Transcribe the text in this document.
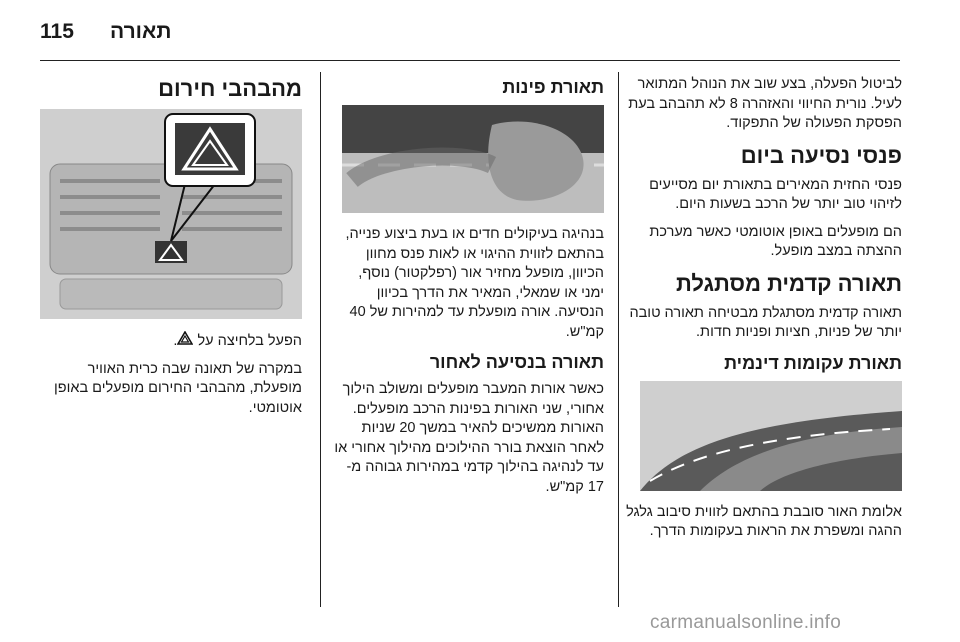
115 תאורה

לביטול הפעלה, בצע שוב את הנוהל המתואר לעיל. נורית החיווי והאזהרה 8 לא תהבהב בעת הפסקת הפעולה של התפקוד.

פנסי נסיעה ביום

פנסי החזית המאירים בתאורת יום מסייעים לזיהוי טוב יותר של הרכב בשעות היום.

הם מופעלים באופן אוטומטי כאשר מערכת ההצתה במצב מופעל.

תאורה קדמית מסתגלת

תאורה קדמית מסתגלת מבטיחה תאורה טובה יותר של פניות, חציות ופניות חדות.

תאורת עקומות דינמית

אלומת האור סובבת בהתאם לזווית סיבוב גלגל ההגה ומשפרת את הראות בעקומות הדרך.

תאורת פינות

בנהיגה בעיקולים חדים או בעת ביצוע פנייה, בהתאם לזווית ההיגוי או לאות פנס מחוון הכיוון, מופעל מחזיר אור (רפלקטור) נוסף, ימני או שמאלי, המאיר את הדרך בכיוון הנסיעה. אורה מופעלת עד למהירות של 40 קמ"ש.

תאורה בנסיעה לאחור

כאשר אורות המעבר מופעלים ומשולב הילוך אחורי, שני האורות בפינות הרכב מופעלים. האורות ממשיכים להאיר במשך 20 שניות לאחר הוצאת בורר ההילוכים מהילוך אחורי או עד לנהיגה בהילוך קדמי במהירות גבוהה מ- 17 קמ"ש.

מהבהבי חירום

הפעל בלחיצה על .

במקרה של תאונה שבה כרית האוויר מופעלת, מהבהבי החירום מופעלים באופן אוטומטי.

carmanualsonline.info
